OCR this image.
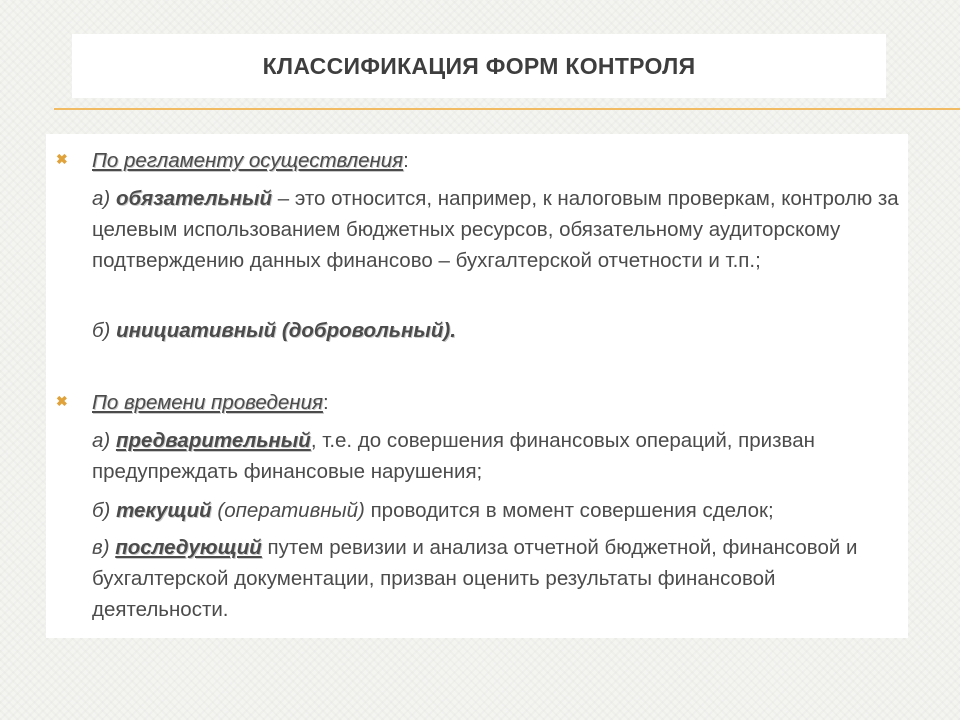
КЛАССИФИКАЦИЯ ФОРМ КОНТРОЛЯ
✖ По регламенту осуществления:
а) обязательный – это относится, например, к налоговым проверкам, контролю за целевым использованием бюджетных ресурсов, обязательному аудиторскому подтверждению данных финансово – бухгалтерской отчетности и т.п.;
б) инициативный (добровольный).
✖ По времени проведения:
а) предварительный, т.е. до совершения финансовых операций, призван предупреждать финансовые нарушения;
б) текущий (оперативный) проводится в момент совершения сделок;
в) последующий путем ревизии и анализа отчетной бюджетной, финансовой и бухгалтерской документации, призван оценить результаты финансовой деятельности.
